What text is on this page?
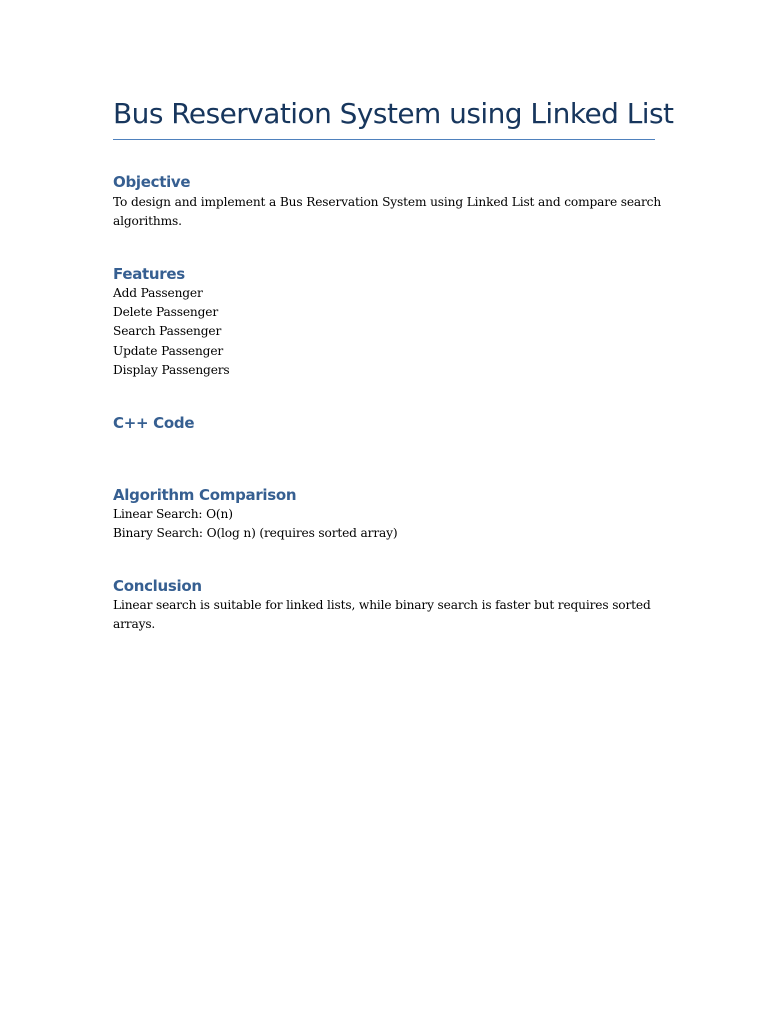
Bus Reservation System using Linked List
Objective
To design and implement a Bus Reservation System using Linked List and compare search
algorithms.
Features
Add Passenger
Delete Passenger
Search Passenger
Update Passenger
Display Passengers
C++ Code
Algorithm Comparison
Linear Search: O(n)
Binary Search: O(log n) (requires sorted array)
Conclusion
Linear search is suitable for linked lists, while binary search is faster but requires sorted
arrays.
